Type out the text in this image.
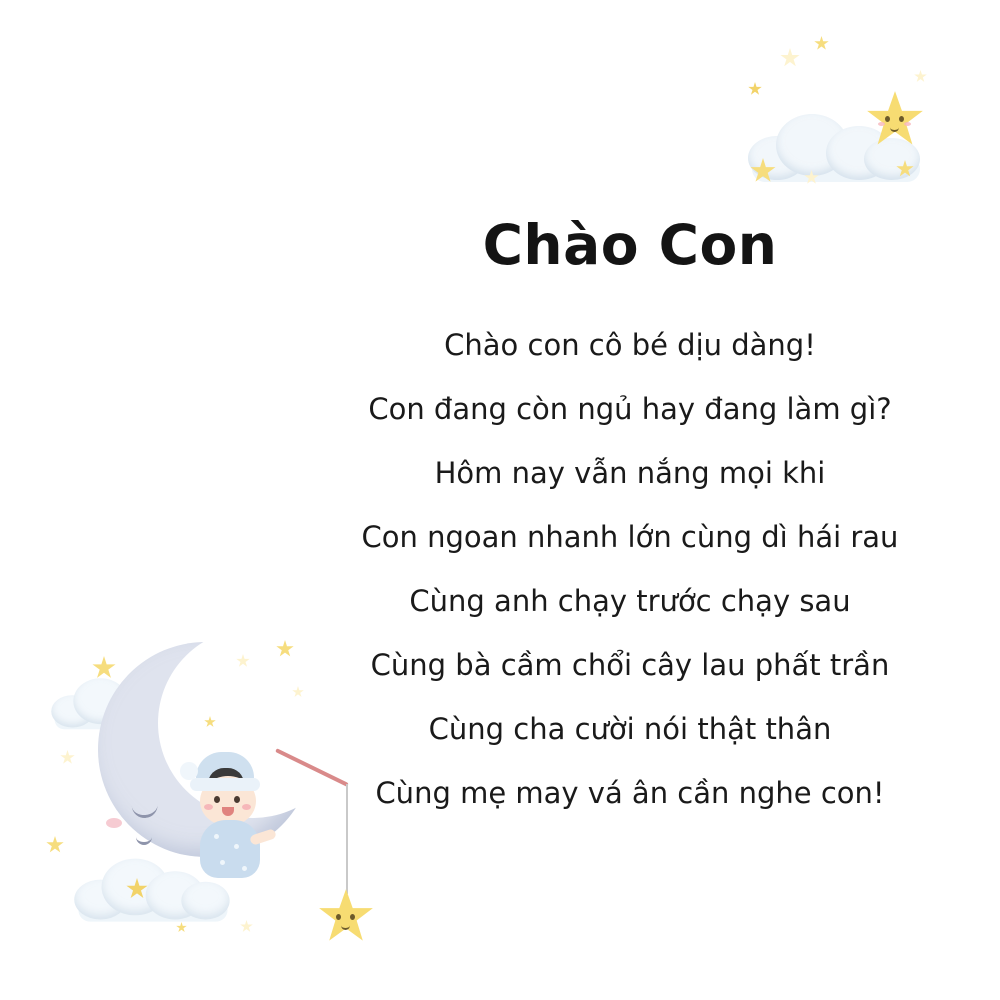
Chào Con

Chào con cô bé dịu dàng!

Con đang còn ngủ hay đang làm gì?

Hôm nay vẫn nắng mọi khi

Con ngoan nhanh lớn cùng dì hái rau

Cùng anh chạy trước chạy sau

Cùng bà cầm chổi cây lau phất trần

Cùng cha cười nói thật thân

Cùng mẹ may vá ân cần nghe con!
